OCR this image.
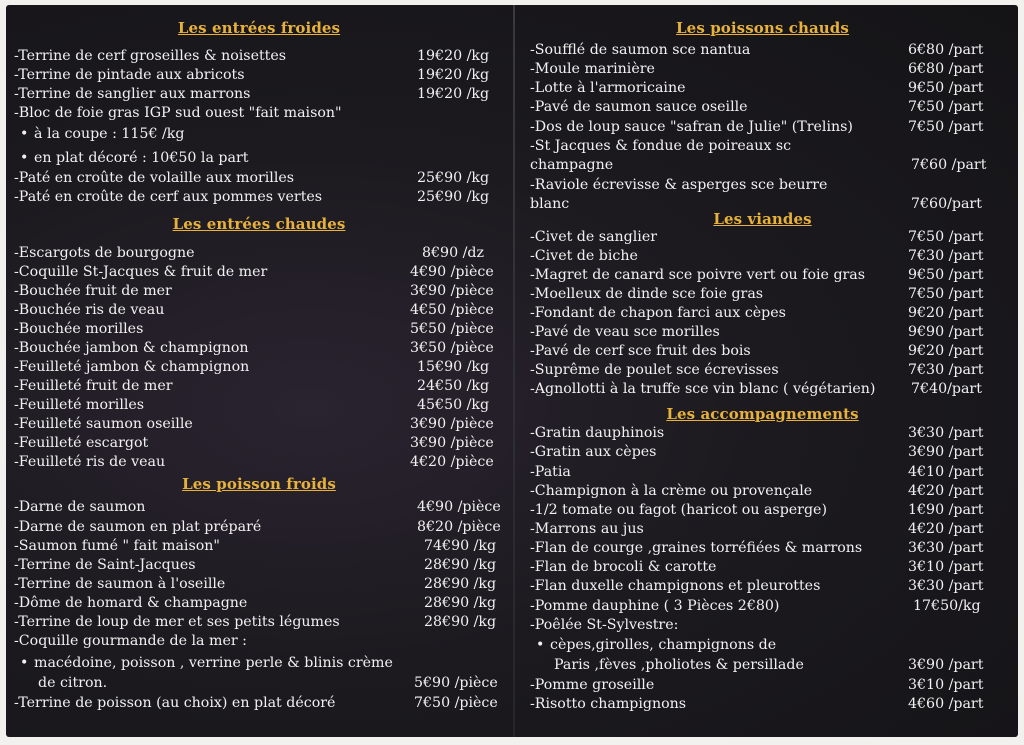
Les entrées froides
-Terrine de cerf groseilles & noisettes	19€20 /kg
-Terrine de pintade aux abricots	19€20 /kg
-Terrine de sanglier aux marrons	19€20 /kg
-Bloc de foie gras IGP sud ouest "fait maison"
• à la coupe : 115€ /kg
• en plat décoré : 10€50 la part
-Paté en croûte de volaille aux morilles	25€90 /kg
-Paté en croûte de cerf aux pommes vertes	25€90 /kg
Les entrées chaudes
-Escargots de bourgogne	8€90 /dz
-Coquille St-Jacques & fruit de mer	4€90 /pièce
-Bouchée fruit de mer	3€90 /pièce
-Bouchée ris de veau	4€50 /pièce
-Bouchée morilles	5€50 /pièce
-Bouchée jambon & champignon	3€50 /pièce
-Feuilleté jambon & champignon	15€90 /kg
-Feuilleté fruit de mer	24€50 /kg
-Feuilleté morilles	45€50 /kg
-Feuilleté saumon oseille	3€90 /pièce
-Feuilleté escargot	3€90 /pièce
-Feuilleté ris de veau	4€20 /pièce
Les poisson froids
-Darne de saumon	4€90 /pièce
-Darne de saumon en plat préparé	8€20 /pièce
-Saumon fumé " fait maison"	74€90 /kg
-Terrine de Saint-Jacques	28€90 /kg
-Terrine de saumon à l'oseille	28€90 /kg
-Dôme de homard & champagne	28€90 /kg
-Terrine de loup de mer et ses petits légumes	28€90 /kg
-Coquille gourmande de la mer :
• macédoine, poisson , verrine perle & blinis crème
de citron.	5€90 /pièce
-Terrine de poisson (au choix) en plat décoré	7€50 /pièce
Les poissons chauds
-Soufflé de saumon sce nantua	6€80 /part
-Moule marinière	6€80 /part
-Lotte à l'armoricaine	9€50 /part
-Pavé de saumon sauce oseille	7€50 /part
-Dos de loup sauce "safran de Julie" (Trelins)	7€50 /part
-St Jacques & fondue de poireaux sc
champagne	7€60 /part
-Raviole écrevisse & asperges sce beurre
blanc	7€60/part
Les viandes
-Civet de sanglier	7€50 /part
-Civet de biche	7€30 /part
-Magret de canard sce poivre vert ou foie gras	9€50 /part
-Moelleux de dinde sce foie gras	7€50 /part
-Fondant de chapon farci aux cèpes	9€20 /part
-Pavé de veau sce morilles	9€90 /part
-Pavé de cerf sce fruit des bois	9€20 /part
-Suprême de poulet sce écrevisses	7€30 /part
-Agnollotti à la truffe sce vin blanc ( végétarien)	7€40/part
Les accompagnements
-Gratin dauphinois	3€30 /part
-Gratin aux cèpes	3€90 /part
-Patia	4€10 /part
-Champignon à la crème ou provençale	4€20 /part
-1/2 tomate ou fagot (haricot ou asperge)	1€90 /part
-Marrons au jus	4€20 /part
-Flan de courge ,graines torréfiées & marrons	3€30 /part
-Flan de brocoli & carotte	3€10 /part
-Flan duxelle champignons et pleurottes	3€30 /part
-Pomme dauphine ( 3 Pièces 2€80)	17€50/kg
-Poêlée St-Sylvestre:
• cèpes,girolles, champignons de
Paris ,fèves ,pholiotes & persillade	3€90 /part
-Pomme groseille	3€10 /part
-Risotto champignons	4€60 /part
